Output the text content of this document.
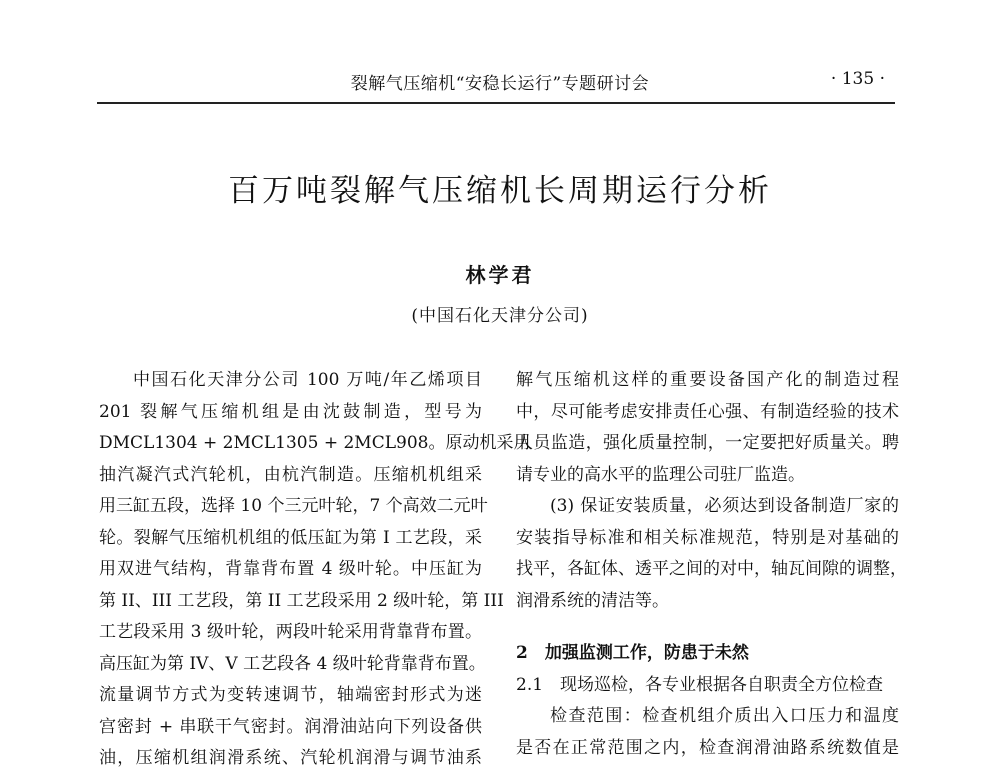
裂解气压缩机“安稳长运行”专题研讨会	· 135 ·
百万吨裂解气压缩机长周期运行分析
林学君
(中国石化天津分公司)
中国石化天津分公司 100 万吨/年乙烯项目
201 裂解气压缩机组是由沈鼓制造，型号为
DMCL1304 + 2MCL1305 + 2MCL908。原动机采用
抽汽凝汽式汽轮机，由杭汽制造。压缩机机组采
用三缸五段，选择 10 个三元叶轮，7 个高效二元叶
轮。裂解气压缩机机组的低压缸为第 I 工艺段，采
用双进气结构，背靠背布置 4 级叶轮。中压缸为
第 II、III 工艺段，第 II 工艺段采用 2 级叶轮，第 III
工艺段采用 3 级叶轮，两段叶轮采用背靠背布置。
高压缸为第 IV、V 工艺段各 4 级叶轮背靠背布置。
流量调节方式为变转速调节，轴端密封形式为迷
宫密封 + 串联干气密封。润滑油站向下列设备供
油，压缩机组润滑系统、汽轮机润滑与调节油系
解气压缩机这样的重要设备国产化的制造过程
中，尽可能考虑安排责任心强、有制造经验的技术
人员监造，强化质量控制，一定要把好质量关。聘
请专业的高水平的监理公司驻厂监造。
(3) 保证安装质量，必须达到设备制造厂家的
安装指导标准和相关标准规范，特别是对基础的
找平，各缸体、透平之间的对中，轴瓦间隙的调整，
润滑系统的清洁等。
2　加强监测工作，防患于未然
2.1　现场巡检，各专业根据各自职责全方位检查
检查范围：检查机组介质出入口压力和温度
是否在正常范围之内，检查润滑油路系统数值是
